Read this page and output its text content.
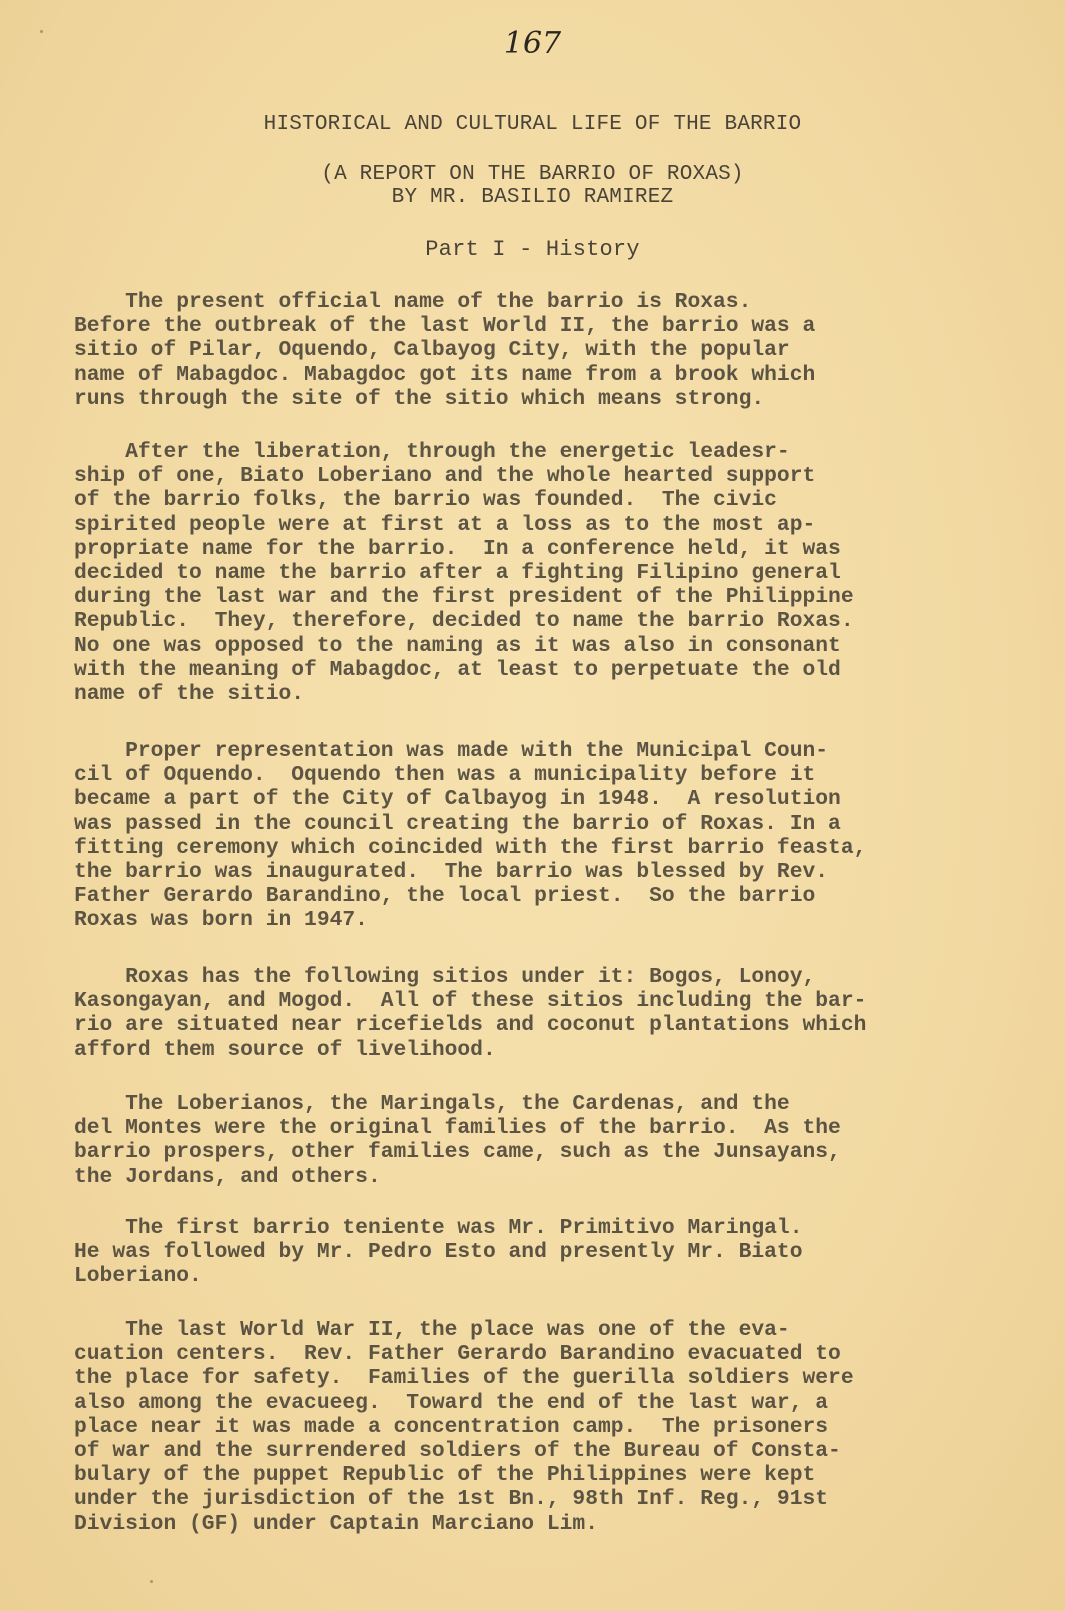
167
HISTORICAL AND CULTURAL LIFE OF THE BARRIO
(A REPORT ON THE BARRIO OF ROXAS)
BY MR. BASILIO RAMIREZ
Part I - History

The present official name of the barrio is Roxas.
Before the outbreak of the last World II, the barrio was a
sitio of Pilar, Oquendo, Calbayog City, with the popular
name of Mabagdoc. Mabagdoc got its name from a brook which
runs through the site of the sitio which means strong.

After the liberation, through the energetic leadesr-
ship of one, Biato Loberiano and the whole hearted support
of the barrio folks, the barrio was founded.  The civic
spirited people were at first at a loss as to the most ap-
propriate name for the barrio.  In a conference held, it was
decided to name the barrio after a fighting Filipino general
during the last war and the first president of the Philippine
Republic.  They, therefore, decided to name the barrio Roxas.
No one was opposed to the naming as it was also in consonant
with the meaning of Mabagdoc, at least to perpetuate the old
name of the sitio.

Proper representation was made with the Municipal Coun-
cil of Oquendo.  Oquendo then was a municipality before it
became a part of the City of Calbayog in 1948.  A resolution
was passed in the council creating the barrio of Roxas. In a
fitting ceremony which coincided with the first barrio feasta,
the barrio was inaugurated.  The barrio was blessed by Rev.
Father Gerardo Barandino, the local priest.  So the barrio
Roxas was born in 1947.

Roxas has the following sitios under it: Bogos, Lonoy,
Kasongayan, and Mogod.  All of these sitios including the bar-
rio are situated near ricefields and coconut plantations which
afford them source of livelihood.

The Loberianos, the Maringals, the Cardenas, and the
del Montes were the original families of the barrio.  As the
barrio prospers, other families came, such as the Junsayans,
the Jordans, and others.

The first barrio teniente was Mr. Primitivo Maringal.
He was followed by Mr. Pedro Esto and presently Mr. Biato
Loberiano.

The last World War II, the place was one of the eva-
cuation centers.  Rev. Father Gerardo Barandino evacuated to
the place for safety.  Families of the guerilla soldiers were
also among the evacueeg.  Toward the end of the last war, a
place near it was made a concentration camp.  The prisoners
of war and the surrendered soldiers of the Bureau of Consta-
bulary of the puppet Republic of the Philippines were kept
under the jurisdiction of the 1st Bn., 98th Inf. Reg., 91st
Division (GF) under Captain Marciano Lim.
